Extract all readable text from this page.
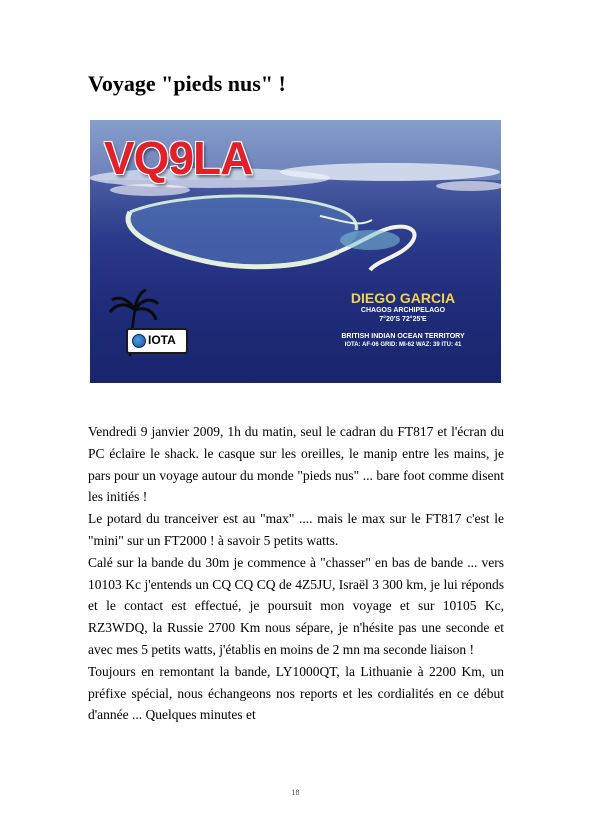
Voyage "pieds nus" !
VQ9LA
DIEGO GARCIA
CHAGOS ARCHIPELAGO
7°20'S 72°25'E
BRITISH INDIAN OCEAN TERRITORY
IOTA: AF-06 GRID: MI-62 WAZ: 39 ITU: 41
IOTA

Vendredi 9 janvier 2009, 1h du matin, seul le cadran du FT817 et l'écran du PC éclaire le shack. le casque sur les oreilles, le manip entre les mains, je pars pour un voyage autour du monde "pieds nus" ... bare foot comme disent les initiés !

Le potard du tranceiver est au "max" .... mais le max sur le FT817 c'est le "mini" sur un FT2000 ! à savoir 5 petits watts.

Calé sur la bande du 30m je commence à "chasser" en bas de bande ... vers 10103 Kc j'entends un CQ CQ CQ de 4Z5JU, Israël 3 300 km, je lui réponds et le contact est effectué, je poursuit mon voyage et sur 10105 Kc, RZ3WDQ, la Russie 2700 Km nous sépare, je n'hésite pas une seconde et avec mes 5 petits watts, j'établis en moins de 2 mn ma seconde liaison !

Toujours en remontant la bande, LY1000QT, la Lithuanie à 2200 Km, un préfixe spécial, nous échangeons nos reports et les cordialités en ce début d'année ... Quelques minutes et

18
